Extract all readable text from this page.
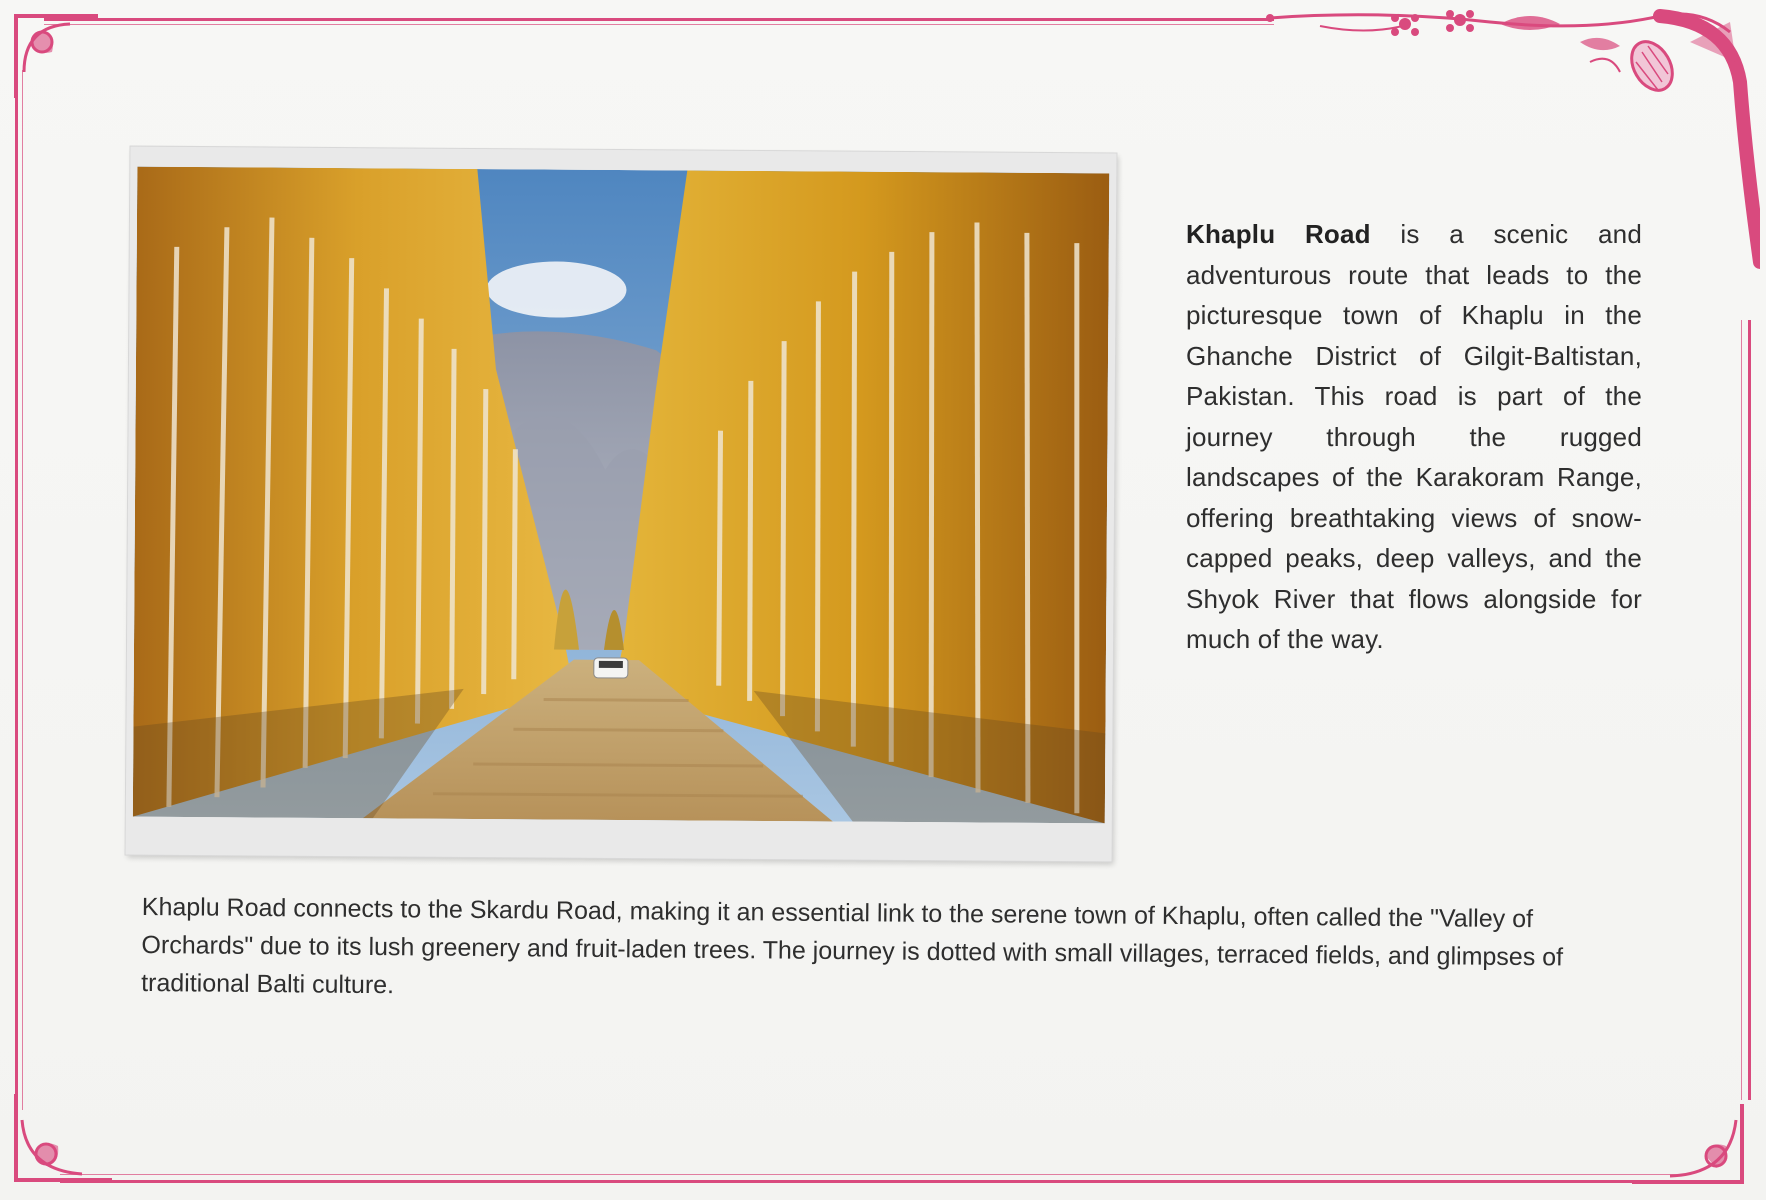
Khaplu Road is a scenic and adventurous route that leads to the picturesque town of Khaplu in the Ghanche District of Gilgit-Baltistan, Pakistan. This road is part of the journey through the rugged landscapes of the Karakoram Range, offering breathtaking views of snow-capped peaks, deep valleys, and the Shyok River that flows alongside for much of the way.
Khaplu Road connects to the Skardu Road, making it an essential link to the serene town of Khaplu, often called the "Valley of Orchards" due to its lush greenery and fruit-laden trees. The journey is dotted with small villages, terraced fields, and glimpses of traditional Balti culture.
